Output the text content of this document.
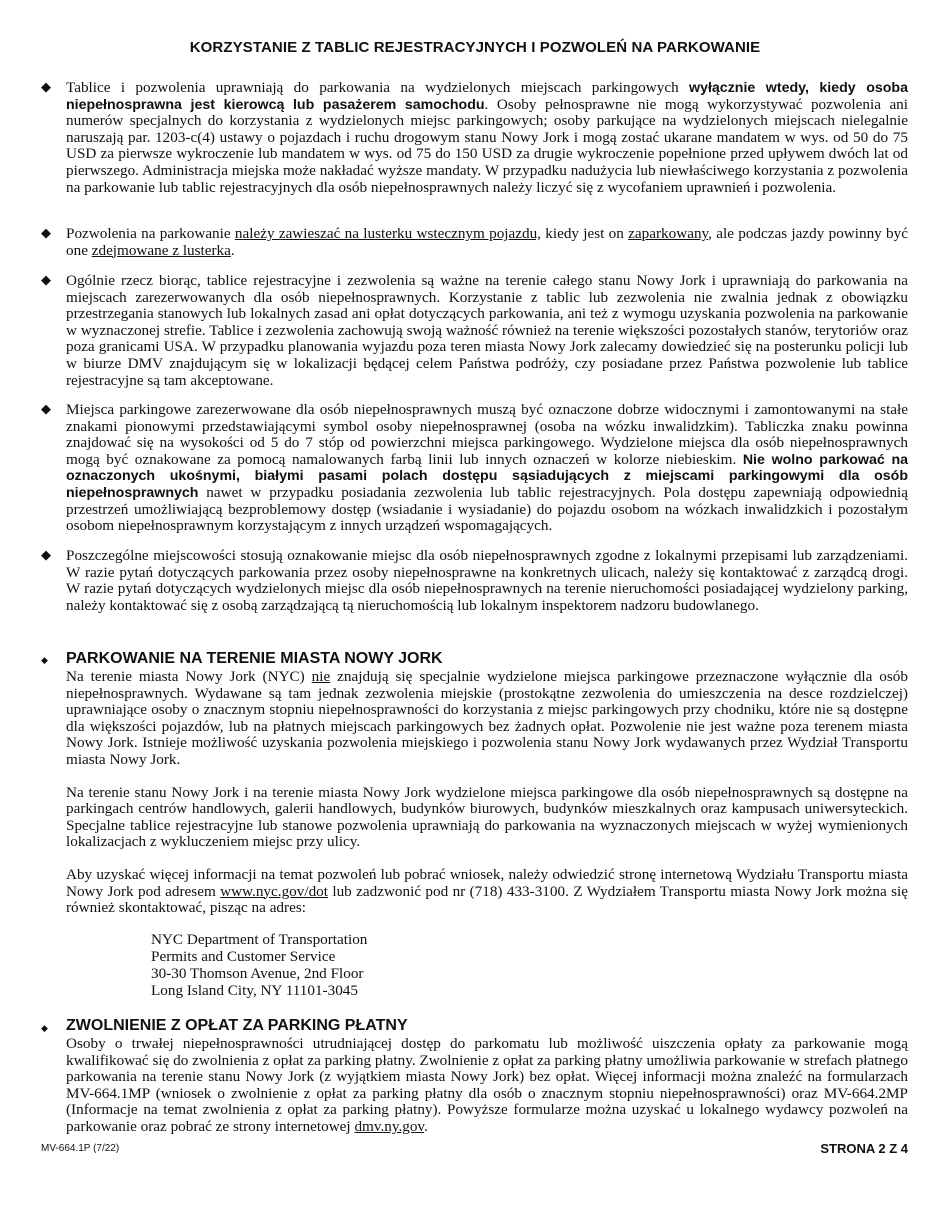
KORZYSTANIE Z TABLIC REJESTRACYJNYCH I POZWOLEŃ NA PARKOWANIE
◆ Tablice i pozwolenia uprawniają do parkowania na wydzielonych miejscach parkingowych wyłącznie wtedy, kiedy osoba niepełnosprawna jest kierowcą lub pasażerem samochodu. Osoby pełnosprawne nie mogą wykorzystywać pozwolenia ani numerów specjalnych do korzystania z wydzielonych miejsc parkingowych; osoby parkujące na wydzielonych miejscach nielegalnie naruszają par. 1203-c(4) ustawy o pojazdach i ruchu drogowym stanu Nowy Jork i mogą zostać ukarane mandatem w wys. od 50 do 75 USD za pierwsze wykroczenie lub mandatem w wys. od 75 do 150 USD za drugie wykroczenie popełnione przed upływem dwóch lat od pierwszego. Administracja miejska może nakładać wyższe mandaty. W przypadku nadużycia lub niewłaściwego korzystania z pozwolenia na parkowanie lub tablic rejestracyjnych dla osób niepełnosprawnych należy liczyć się z wycofaniem uprawnień i pozwolenia.
◆ Pozwolenia na parkowanie należy zawieszać na lusterku wstecznym pojazdu, kiedy jest on zaparkowany, ale podczas jazdy powinny być one zdejmowane z lusterka.
◆ Ogólnie rzecz biorąc, tablice rejestracyjne i zezwolenia są ważne na terenie całego stanu Nowy Jork i uprawniają do parkowania na miejscach zarezerwowanych dla osób niepełnosprawnych. Korzystanie z tablic lub zezwolenia nie zwalnia jednak z obowiązku przestrzegania stanowych lub lokalnych zasad ani opłat dotyczących parkowania, ani też z wymogu uzyskania pozwolenia na parkowanie w wyznaczonej strefie. Tablice i zezwolenia zachowują swoją ważność również na terenie większości pozostałych stanów, terytoriów oraz poza granicami USA. W przypadku planowania wyjazdu poza teren miasta Nowy Jork zalecamy dowiedzieć się na posterunku policji lub w biurze DMV znajdującym się w lokalizacji będącej celem Państwa podróży, czy posiadane przez Państwa pozwolenie lub tablice rejestracyjne są tam akceptowane.
◆ Miejsca parkingowe zarezerwowane dla osób niepełnosprawnych muszą być oznaczone dobrze widocznymi i zamontowanymi na stałe znakami pionowymi przedstawiającymi symbol osoby niepełnosprawnej (osoba na wózku inwalidzkim). Tabliczka znaku powinna znajdować się na wysokości od 5 do 7 stóp od powierzchni miejsca parkingowego. Wydzielone miejsca dla osób niepełnosprawnych mogą być oznakowane za pomocą namalowanych farbą linii lub innych oznaczeń w kolorze niebieskim. Nie wolno parkować na oznaczonych ukośnymi, białymi pasami polach dostępu sąsiadujących z miejscami parkingowymi dla osób niepełnosprawnych nawet w przypadku posiadania zezwolenia lub tablic rejestracyjnych. Pola dostępu zapewniają odpowiednią przestrzeń umożliwiającą bezproblemowy dostęp (wsiadanie i wysiadanie) do pojazdu osobom na wózkach inwalidzkich i pozostałym osobom niepełnosprawnym korzystającym z innych urządzeń wspomagających.
◆ Poszczególne miejscowości stosują oznakowanie miejsc dla osób niepełnosprawnych zgodne z lokalnymi przepisami lub zarządzeniami. W razie pytań dotyczących parkowania przez osoby niepełnosprawne na konkretnych ulicach, należy się kontaktować z zarządcą drogi. W razie pytań dotyczących wydzielonych miejsc dla osób niepełnosprawnych na terenie nieruchomości posiadającej wydzielony parking, należy kontaktować się z osobą zarządzającą tą nieruchomością lub lokalnym inspektorem nadzoru budowlanego.
◆ PARKOWANIE NA TERENIE MIASTA NOWY JORK

Na terenie miasta Nowy Jork (NYC) nie znajdują się specjalnie wydzielone miejsca parkingowe przeznaczone wyłącznie dla osób niepełnosprawnych. Wydawane są tam jednak zezwolenia miejskie (prostokątne zezwolenia do umieszczenia na desce rozdzielczej) uprawniające osoby o znacznym stopniu niepełnosprawności do korzystania z miejsc parkingowych przy chodniku, które nie są dostępne dla większości pojazdów, lub na płatnych miejscach parkingowych bez żadnych opłat. Pozwolenie nie jest ważne poza terenem miasta Nowy Jork. Istnieje możliwość uzyskania pozwolenia miejskiego i pozwolenia stanu Nowy Jork wydawanych przez Wydział Transportu miasta Nowy Jork.

Na terenie stanu Nowy Jork i na terenie miasta Nowy Jork wydzielone miejsca parkingowe dla osób niepełnosprawnych są dostępne na parkingach centrów handlowych, galerii handlowych, budynków biurowych, budynków mieszkalnych oraz kampusach uniwersyteckich. Specjalne tablice rejestracyjne lub stanowe pozwolenia uprawniają do parkowania na wyznaczonych miejscach w wyżej wymienionych lokalizacjach z wykluczeniem miejsc przy ulicy.

Aby uzyskać więcej informacji na temat pozwoleń lub pobrać wniosek, należy odwiedzić stronę internetową Wydziału Transportu miasta Nowy Jork pod adresem www.nyc.gov/dot lub zadzwonić pod nr (718) 433-3100. Z Wydziałem Transportu miasta Nowy Jork można się również skontaktować, pisząc na adres:

NYC Department of Transportation
Permits and Customer Service
30-30 Thomson Avenue, 2nd Floor
Long Island City, NY 11101-3045
◆ ZWOLNIENIE Z OPŁAT ZA PARKING PŁATNY

Osoby o trwałej niepełnosprawności utrudniającej dostęp do parkomatu lub możliwość uiszczenia opłaty za parkowanie mogą kwalifikować się do zwolnienia z opłat za parking płatny. Zwolnienie z opłat za parking płatny umożliwia parkowanie w strefach płatnego parkowania na terenie stanu Nowy Jork (z wyjątkiem miasta Nowy Jork) bez opłat. Więcej informacji można znaleźć na formularzach MV-664.1MP (wniosek o zwolnienie z opłat za parking płatny dla osób o znacznym stopniu niepełnosprawności) oraz MV-664.2MP (Informacje na temat zwolnienia z opłat za parking płatny). Powyższe formularze można uzyskać u lokalnego wydawcy pozwoleń na parkowanie oraz pobrać ze strony internetowej dmv.ny.gov.

MV-664.1P (7/22)	STRONA 2 Z 4
